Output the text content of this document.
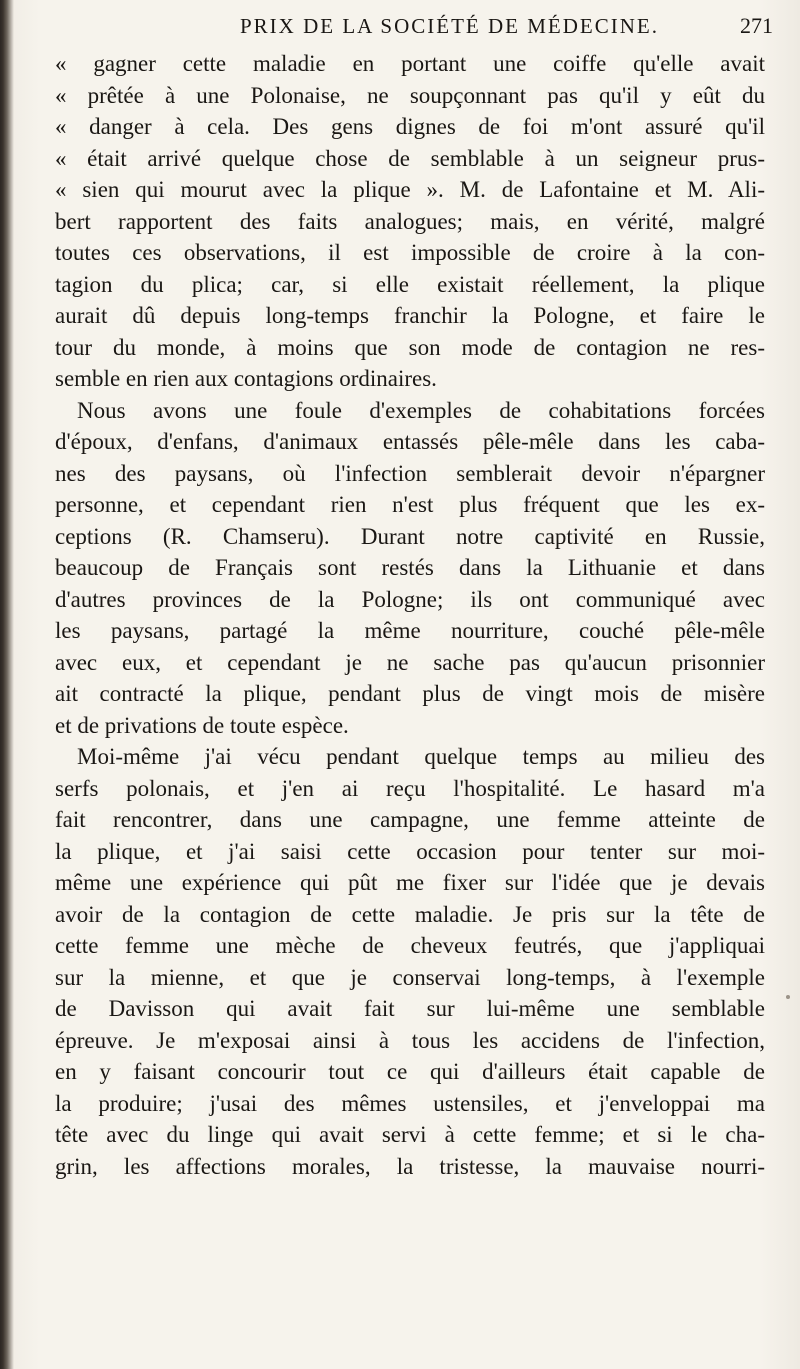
PRIX DE LA SOCIÉTÉ DE MÉDECINE.	271
« gagner cette maladie en portant une coiffe qu'elle avait
« prêtée à une Polonaise, ne soupçonnant pas qu'il y eût du
« danger à cela. Des gens dignes de foi m'ont assuré qu'il
« était arrivé quelque chose de semblable à un seigneur prus-
« sien qui mourut avec la plique ». M. de Lafontaine et M. Ali-
bert rapportent des faits analogues; mais, en vérité, malgré
toutes ces observations, il est impossible de croire à la con-
tagion du plica; car, si elle existait réellement, la plique
aurait dû depuis long-temps franchir la Pologne, et faire le
tour du monde, à moins que son mode de contagion ne res-
semble en rien aux contagions ordinaires.
Nous avons une foule d'exemples de cohabitations forcées
d'époux, d'enfans, d'animaux entassés pêle-mêle dans les caba-
nes des paysans, où l'infection semblerait devoir n'épargner
personne, et cependant rien n'est plus fréquent que les ex-
ceptions (R. Chamseru). Durant notre captivité en Russie,
beaucoup de Français sont restés dans la Lithuanie et dans
d'autres provinces de la Pologne; ils ont communiqué avec
les paysans, partagé la même nourriture, couché pêle-mêle
avec eux, et cependant je ne sache pas qu'aucun prisonnier
ait contracté la plique, pendant plus de vingt mois de misère
et de privations de toute espèce.
Moi-même j'ai vécu pendant quelque temps au milieu des
serfs polonais, et j'en ai reçu l'hospitalité. Le hasard m'a
fait rencontrer, dans une campagne, une femme atteinte de
la plique, et j'ai saisi cette occasion pour tenter sur moi-
même une expérience qui pût me fixer sur l'idée que je devais
avoir de la contagion de cette maladie. Je pris sur la tête de
cette femme une mèche de cheveux feutrés, que j'appliquai
sur la mienne, et que je conservai long-temps, à l'exemple
de Davisson qui avait fait sur lui-même une semblable
épreuve. Je m'exposai ainsi à tous les accidens de l'infection,
en y faisant concourir tout ce qui d'ailleurs était capable de
la produire; j'usai des mêmes ustensiles, et j'enveloppai ma
tête avec du linge qui avait servi à cette femme; et si le cha-
grin, les affections morales, la tristesse, la mauvaise nourri-
